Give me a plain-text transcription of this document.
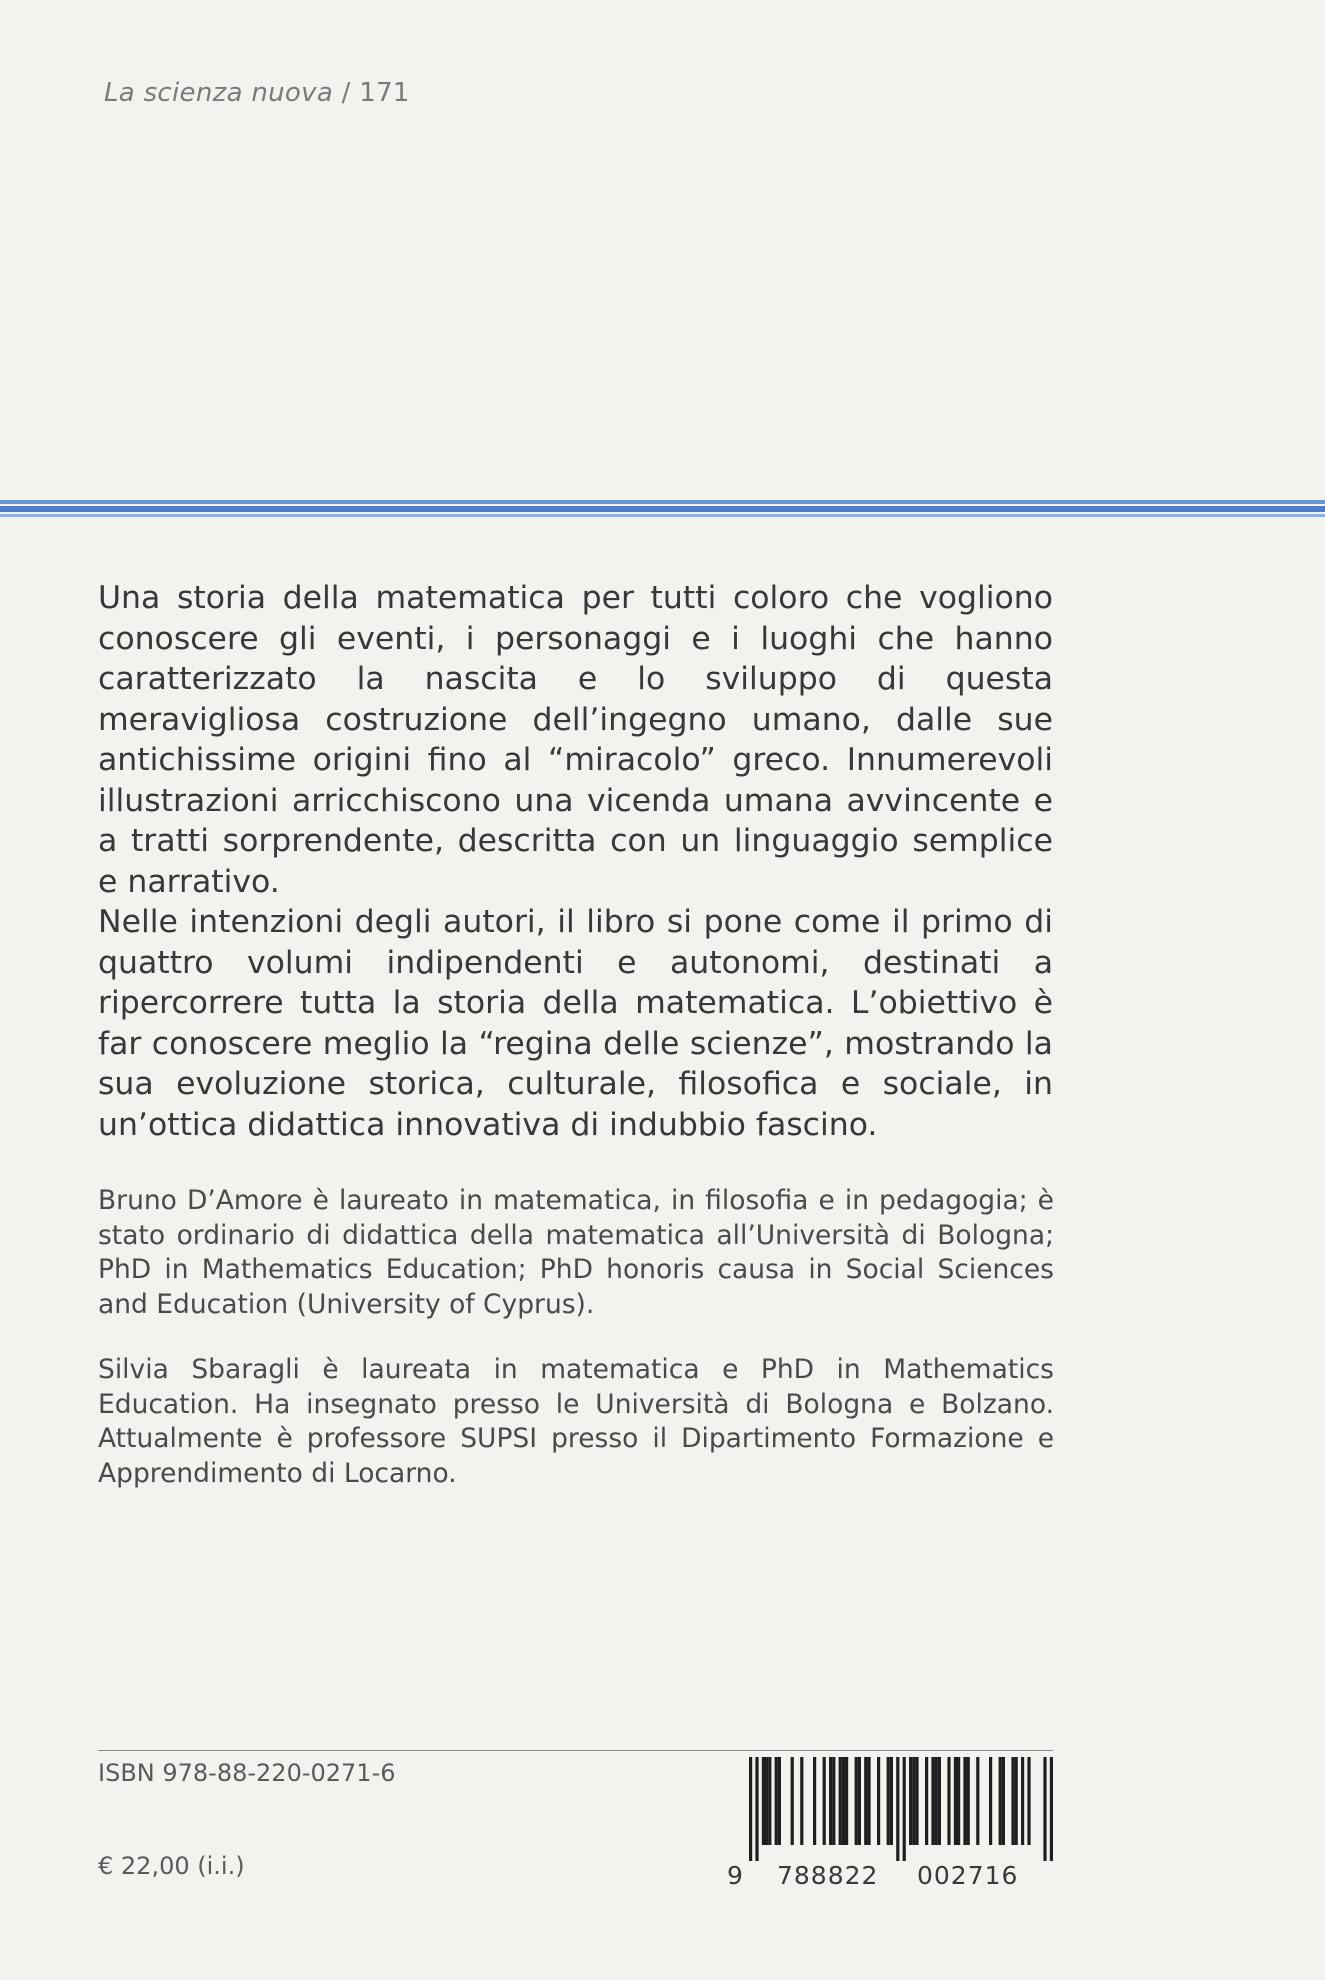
La scienza nuova / 171

Una storia della matematica per tutti coloro che vogliono conoscere gli eventi, i personaggi e i luoghi che hanno caratterizzato la nascita e lo sviluppo di questa meravigliosa costruzione dell’ingegno umano, dalle sue antichissime origini fino al “miracolo” greco. Innumerevoli illustrazioni arricchiscono una vicenda umana avvincente e a tratti sorprendente, descritta con un linguaggio semplice e narrativo.

Nelle intenzioni degli autori, il libro si pone come il primo di quattro volumi indipendenti e autonomi, destinati a ripercorrere tutta la storia della matematica. L’obiettivo è far conoscere meglio la “regina delle scienze”, mostrando la sua evoluzione storica, culturale, filosofica e sociale, in un’ottica didattica innovativa di indubbio fascino.

Bruno D’Amore è laureato in matematica, in filosofia e in pedagogia; è stato ordinario di didattica della matematica all’Università di Bologna; PhD in Mathematics Education; PhD honoris causa in Social Sciences and Education (University of Cyprus).
Silvia Sbaragli è laureata in matematica e PhD in Mathematics Education. Ha insegnato presso le Università di Bologna e Bolzano. Attualmente è professore SUPSI presso il Dipartimento Formazione e Apprendimento di Locarno.
ISBN 978-88-220-0271-6
€ 22,00 (i.i.)	9 788822 002716
